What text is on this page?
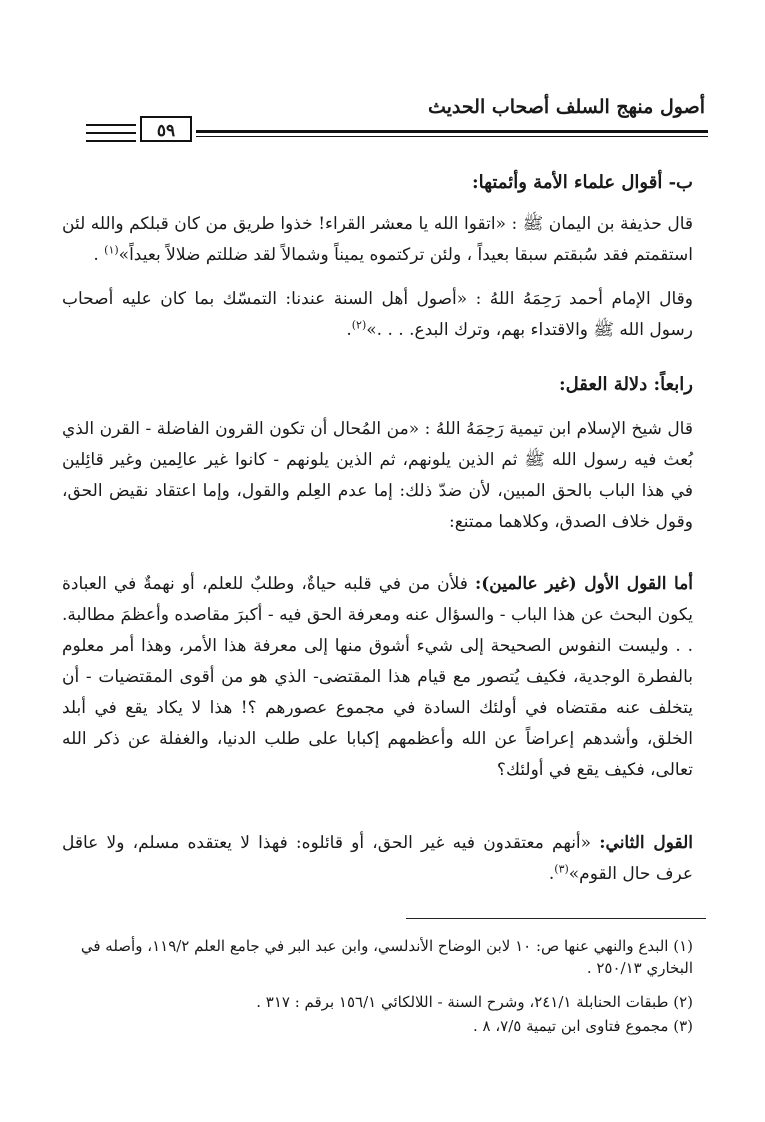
أصول منهج السلف أصحاب الحديث
٥٩
ب- أقوال علماء الأمة وأئمتها:
قال حذيفة بن اليمان ﷺ : «اتقوا الله يا معشر القراء! خذوا طريق من كان قبلكم والله لئن استقمتم فقد سُبقتم سبقا بعيداً ، ولئن تركتموه يميناً وشمالاً لقد ضللتم ضلالاً بعيداً»$^{(١)}$ .
وقال الإمام أحمد رَحِمَهُ اللهُ : «أصول أهل السنة عندنا: التمسّك بما كان عليه أصحاب رسول الله ﷺ والاقتداء بهم، وترك البدع. . . .»$^{(٢)}$.
رابعاً: دلالة العقل:
قال شيخ الإسلام ابن تيمية رَحِمَهُ اللهُ : «من المُحال أن تكون القرون الفاضلة - القرن الذي بُعث فيه رسول الله ﷺ ثم الذين يلونهم، ثم الذين يلونهم - كانوا غير عالِمين وغير قائِلين في هذا الباب بالحق المبين، لأن ضدّ ذلك: إما عدم العِلم والقول، وإما اعتقاد نقيض الحق، وقول خلاف الصدق، وكلاهما ممتنع:
أما القول الأول (غير عالمين): فلأن من في قلبه حياةٌ، وطلبٌ للعلم، أو نهمةٌ في العبادة يكون البحث عن هذا الباب - والسؤال عنه ومعرفة الحق فيه - أكبرَ مقاصده وأعظمَ مطالبة. . . وليست النفوس الصحيحة إلى شيء أشوق منها إلى معرفة هذا الأمر، وهذا أمر معلوم بالفطرة الوجدية، فكيف يُتصور مع قيام هذا المقتضى- الذي هو من أقوى المقتضيات - أن يتخلف عنه مقتضاه في أولئك السادة في مجموع عصورهم ؟! هذا لا يكاد يقع في أبلد الخلق، وأشدهم إعراضاً عن الله وأعظمهم إكبابا على طلب الدنيا، والغفلة عن ذكر الله تعالى، فكيف يقع في أولئك؟
القول الثاني: «أنهم معتقدون فيه غير الحق، أو قائلوه: فهذا لا يعتقده مسلم، ولا عاقل عرف حال القوم»$^{(٣)}$.
(١) البدع والنهي عنها ص: ١٠ لابن الوضاح الأندلسي، وابن عبد البر في جامع العلم ١١٩/٢، وأصله في البخاري ٢٥٠/١٣ .
(٢) طبقات الحنابلة ٢٤١/١، وشرح السنة - اللالكائي ١٥٦/١ برقم : ٣١٧ .
(٣) مجموع فتاوى ابن تيمية ٧/٥، ٨ .
